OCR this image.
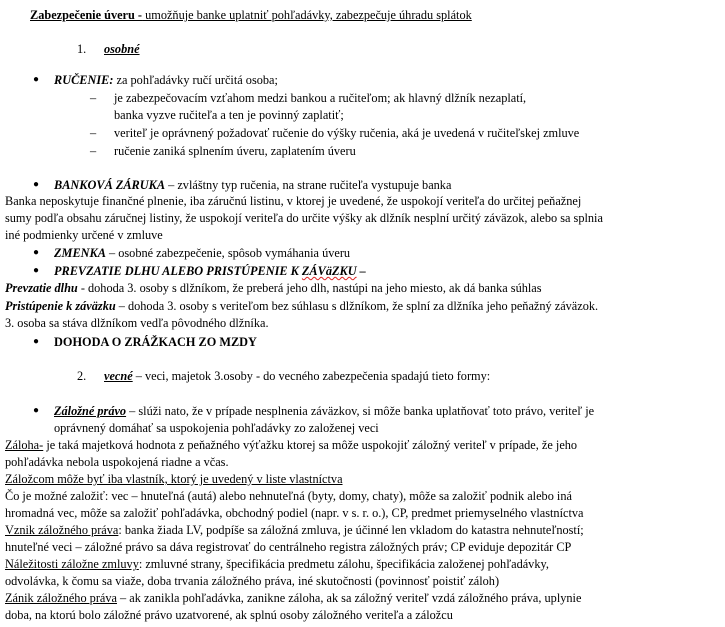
Zabezpečenie úveru - umožňuje banke uplatniť pohľadávky, zabezpečuje úhradu splátok
1. osobné
● RUČENIE: za pohľadávky ručí určitá osoba;
– je zabezpečovacím vzťahom medzi bankou a ručiteľom; ak hlavný dlžník nezaplatí,
banka vyzve ručiteľa a ten je povinný zaplatiť;
– veriteľ je oprávnený požadovať ručenie do výšky ručenia, aká je uvedená v ručiteľskej zmluve
– ručenie zaniká splnením úveru, zaplatením úveru
● BANKOVÁ ZÁRUKA – zvláštny typ ručenia, na strane ručiteľa vystupuje banka
Banka neposkytuje finančné plnenie, iba záručnú listinu, v ktorej je uvedené, že uspokojí veriteľa do určitej peňažnej
sumy podľa obsahu záručnej listiny, že uspokojí veriteľa do určite výšky ak dlžník nesplní určitý záväzok, alebo sa splnia
iné podmienky určené v zmluve
● ZMENKA – osobné zabezpečenie, spôsob vymáhania úveru
● PREVZATIE DLHU ALEBO PRISTÚPENIE K ZÁVäZKU –
Prevzatie dlhu - dohoda 3. osoby s dlžníkom, že preberá jeho dlh, nastúpi na jeho miesto, ak dá banka súhlas
Pristúpenie k záväzku – dohoda 3. osoby s veriteľom bez súhlasu s dlžníkom, že splní za dlžníka jeho peňažný záväzok.
3. osoba sa stáva dlžníkom vedľa pôvodného dlžníka.
● DOHODA O ZRÁŽKACH ZO MZDY
2. vecné – veci, majetok 3.osoby - do vecného zabezpečenia spadajú tieto formy:
● Záložné právo – slúži nato, že v prípade nesplnenia záväzkov, si môže banka uplatňovať toto právo, veriteľ je
oprávnený domáhať sa uspokojenia pohľadávky zo založenej veci
Záloha- je taká majetková hodnota z peňažného výťažku ktorej sa môže uspokojiť záložný veriteľ v prípade, že jeho
pohľadávka nebola uspokojená riadne a včas.
Záložcom môže byť iba vlastník, ktorý je uvedený v liste vlastníctva
Čo je možné založiť: vec – hnuteľná (autá) alebo nehnuteľná (byty, domy, chaty), môže sa založiť podnik alebo iná
hromadná vec, môže sa založiť pohľadávka, obchodný podiel (napr. v s. r. o.), CP, predmet priemyselného vlastníctva
Vznik záložného práva: banka žiada LV, podpíše sa záložná zmluva, je účinné len vkladom do katastra nehnuteľností;
hnuteľné veci – záložné právo sa dáva registrovať do centrálneho registra záložných práv; CP eviduje depozitár CP
Náležitosti záložne zmluvy: zmluvné strany, špecifikácia predmetu zálohu, špecifikácia založenej pohľadávky,
odvolávka, k čomu sa viaže, doba trvania záložného práva, iné skutočnosti (povinnosť poistiť záloh)
Zánik záložného práva – ak zanikla pohľadávka, zanikne záloha, ak sa záložný veriteľ vzdá záložného práva, uplynie
doba, na ktorú bolo záložné právo uzatvorené, ak splnú osoby záložného veriteľa a záložcu
